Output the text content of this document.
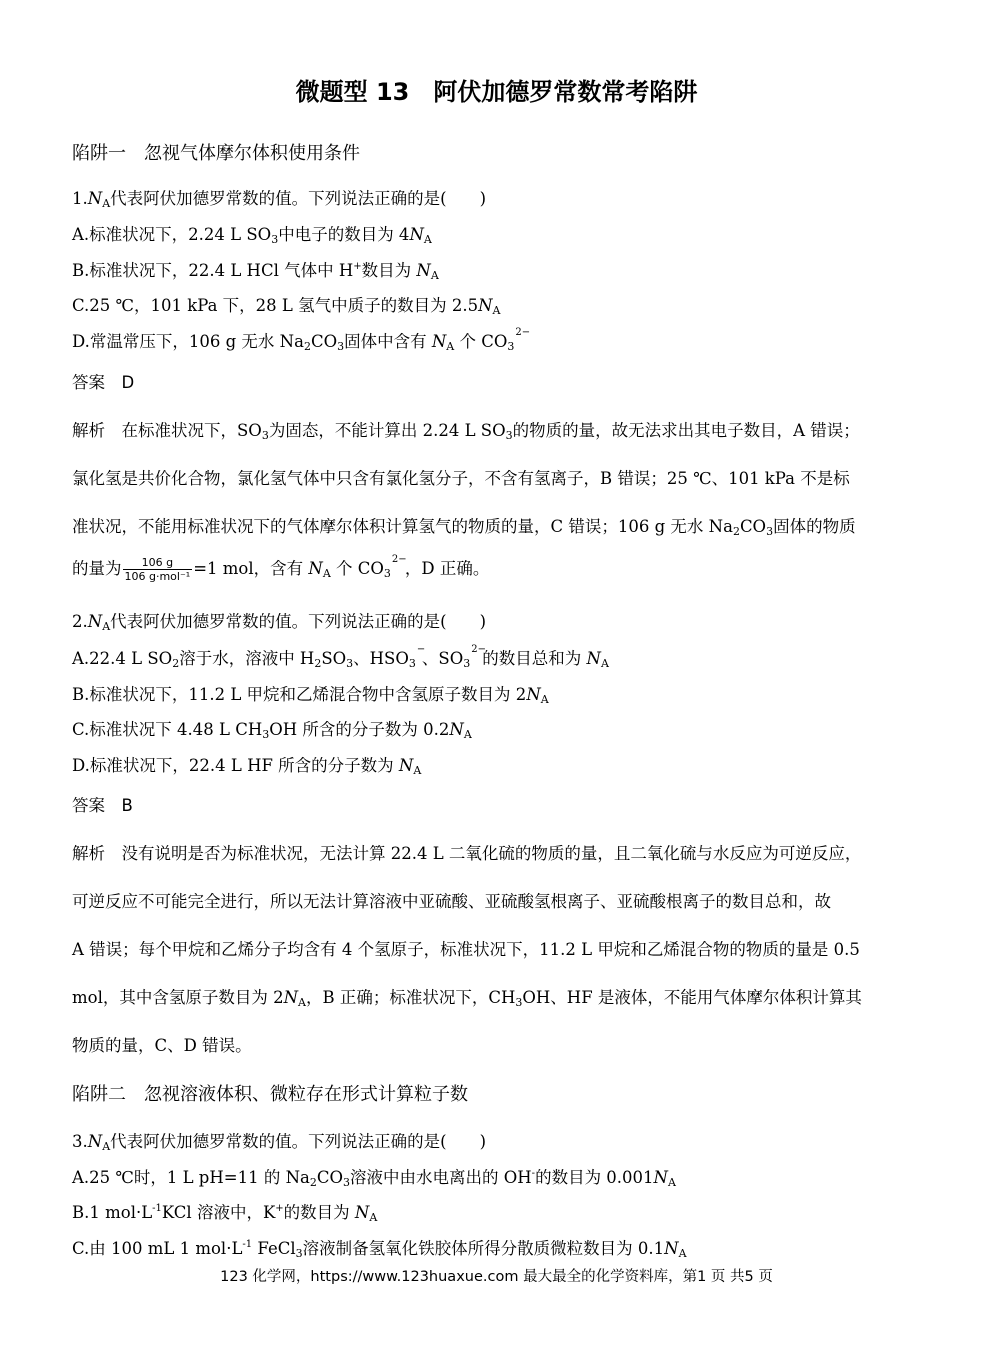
微题型 13　阿伏加德罗常数常考陷阱
陷阱一　忽视气体摩尔体积使用条件
$1.N_A$代表阿伏加德罗常数的值。下列说法正确的是(　　)
A.标准状况下，2.24 L $SO_3$中电子的数目为 $4N_A$
B.标准状况下，22.4 L HCl 气体中 H+数目为 $N_A$
C.25 ℃，101 kPa 下，28 L 氢气中质子的数目为 $2.5N_A$
D.常温常压下，106 g 无水 $Na_2CO_3$固体中含有 $N_A$ 个 CO3
2−
答案　D
解析　在标准状况下，$SO_3$为固态，不能计算出 2.24 L $SO_3$的物质的量，故无法求出其电子数目，A 错误；
氯化氢是共价化合物，氯化氢气体中只含有氯化氢分子，不含有氢离子，B 错误；25 ℃、101 kPa 不是标
准状况，不能用标准状况下的气体摩尔体积计算氢气的物质的量，C 错误；106 g 无水 $Na_2CO_3$固体的物质
的量为 $\frac{106 g}{\text{106 g·mol⁻¹}} =1$ mol，含有 $N_A$ 个 CO3
2−
，D 正确。
$2.N_A$代表阿伏加德罗常数的值。下列说法正确的是(　　)
A.22.4 L $SO_2$溶于水，溶液中 $H_2SO_3$、HSO3
−
、SO3
2−
的数目总和为 $N_A$
B.标准状况下，11.2 L 甲烷和乙烯混合物中含氢原子数目为 $2N_A$
C.标准状况下 4.48 L $CH_3OH$ 所含的分子数为 $0.2N_A$
D.标准状况下，22.4 L HF 所含的分子数为 $N_A$
答案　B
解析　没有说明是否为标准状况，无法计算 22.4 L 二氧化硫的物质的量，且二氧化硫与水反应为可逆反应，
可逆反应不可能完全进行，所以无法计算溶液中亚硫酸、亚硫酸氢根离子、亚硫酸根离子的数目总和，故
A 错误；每个甲烷和乙烯分子均含有 4 个氢原子，标准状况下，11.2 L 甲烷和乙烯混合物的物质的量是 0.5
mol，其中含氢原子数目为 $2N_A$，B 正确；标准状况下，$CH_3OH$、HF 是液体，不能用气体摩尔体积计算其
物质的量，C、D 错误。
陷阱二　忽视溶液体积、微粒存在形式计算粒子数
$3.N_A$代表阿伏加德罗常数的值。下列说法正确的是(　　)
A.25 ℃时，1 L pH=11 的 $Na_2CO_3$溶液中由水电离出的 OH-的数目为 $0.001N_A$
B.1 $mol\cdot L^{-1}KCl$ 溶液中，K+的数目为 $N_A$
C.由 100 mL 1 $mol\cdot L^{-1}$ FeCl$_3$溶液制备氢氧化铁胶体所得分散质微粒数目为 $0.1N_A$
123 化学网，https://www.123huaxue.com 最大最全的化学资料库，第1 页 共5 页
